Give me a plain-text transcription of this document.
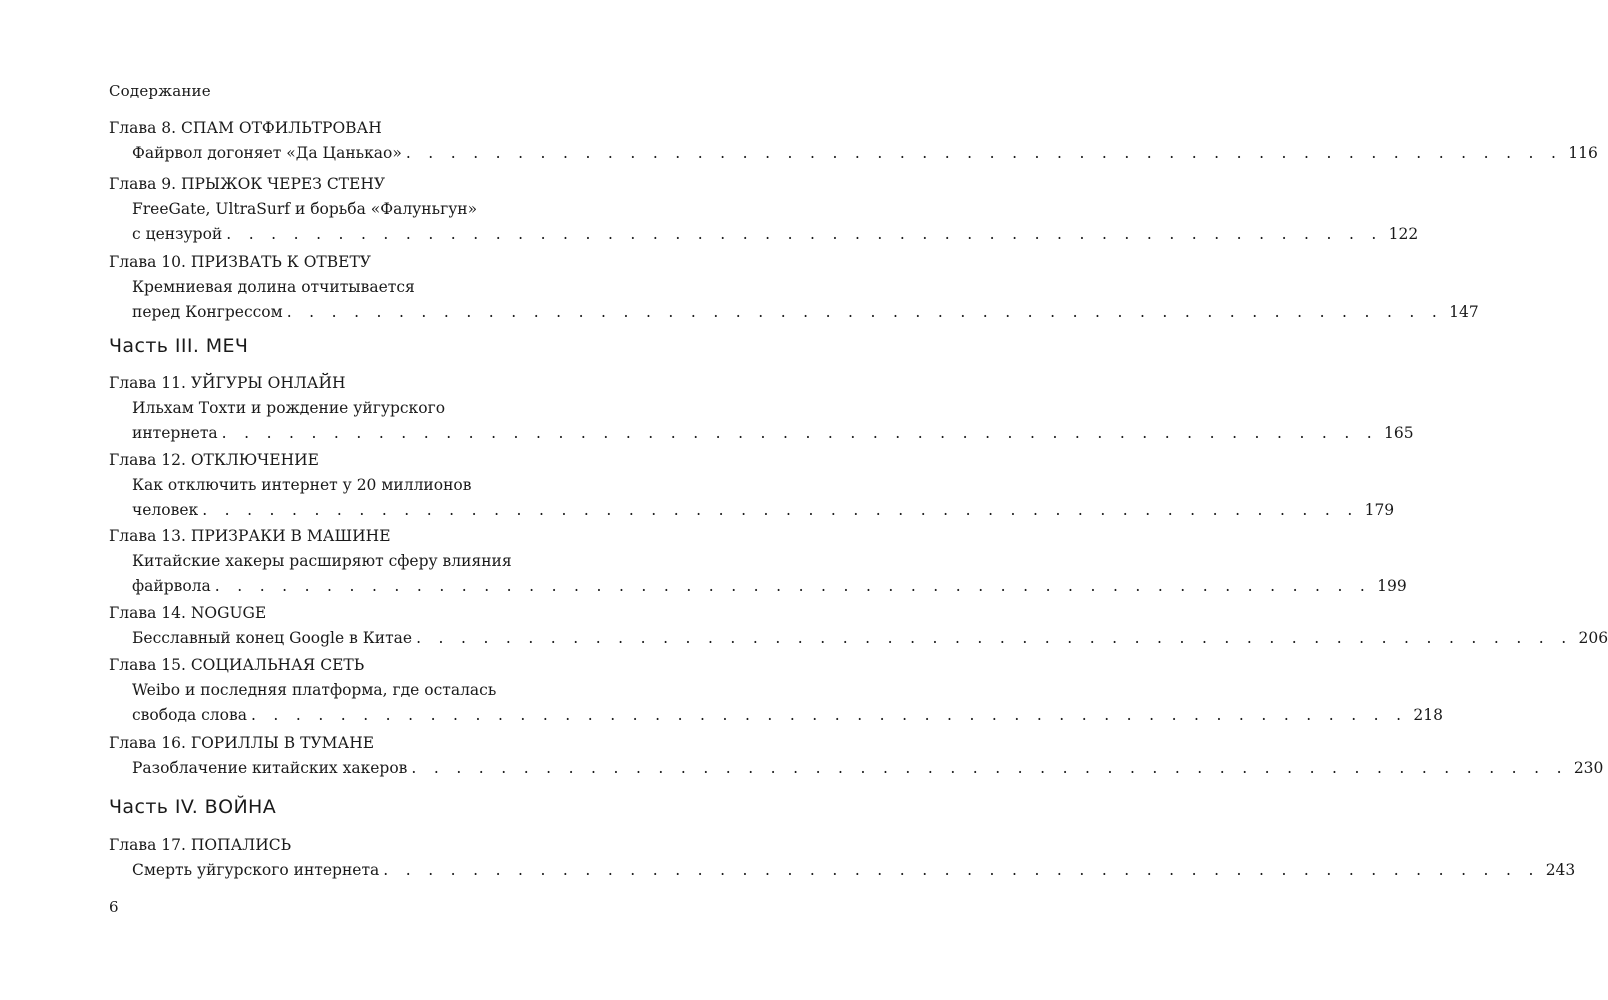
Содержание
Глава 8. СПАМ ОТФИЛЬТРОВАН
Файрвол догоняет «Да Цанькао» . . . . . . . . . . . . . . . . . . . . . . . . . . . . . . . . . . . . . . . . . . . . . . . . . . . . 116
Глава 9. ПРЫЖОК ЧЕРЕЗ СТЕНУ
FreeGate, UltraSurf и борьба «Фалуньгун»
с цензурой . . . . . . . . . . . . . . . . . . . . . . . . . . . . . . . . . . . . . . . . . . . . . . . . . . . . 122
Глава 10. ПРИЗВАТЬ К ОТВЕТУ
Кремниевая долина отчитывается
перед Конгрессом . . . . . . . . . . . . . . . . . . . . . . . . . . . . . . . . . . . . . . . . . . . . . . . . . . . . 147
Часть III. МЕЧ
Глава 11. УЙГУРЫ ОНЛАЙН
Ильхам Тохти и рождение уйгурского
интернета . . . . . . . . . . . . . . . . . . . . . . . . . . . . . . . . . . . . . . . . . . . . . . . . . . . . 165
Глава 12. ОТКЛЮЧЕНИЕ
Как отключить интернет у 20 миллионов
человек . . . . . . . . . . . . . . . . . . . . . . . . . . . . . . . . . . . . . . . . . . . . . . . . . . . . 179
Глава 13. ПРИЗРАКИ В МАШИНЕ
Китайские хакеры расширяют сферу влияния
файрвола . . . . . . . . . . . . . . . . . . . . . . . . . . . . . . . . . . . . . . . . . . . . . . . . . . . . 199
Глава 14. NOGUGE
Бесславный конец Google в Китае . . . . . . . . . . . . . . . . . . . . . . . . . . . . . . . . . . . . . . . . . . . . . . . . . . . . 206
Глава 15. СОЦИАЛЬНАЯ СЕТЬ
Weibo и последняя платформа, где осталась
свобода слова . . . . . . . . . . . . . . . . . . . . . . . . . . . . . . . . . . . . . . . . . . . . . . . . . . . . 218
Глава 16. ГОРИЛЛЫ В ТУМАНЕ
Разоблачение китайских хакеров . . . . . . . . . . . . . . . . . . . . . . . . . . . . . . . . . . . . . . . . . . . . . . . . . . . . 230
Часть IV. ВОЙНА
Глава 17. ПОПАЛИСЬ
Смерть уйгурского интернета . . . . . . . . . . . . . . . . . . . . . . . . . . . . . . . . . . . . . . . . . . . . . . . . . . . . 243
6
